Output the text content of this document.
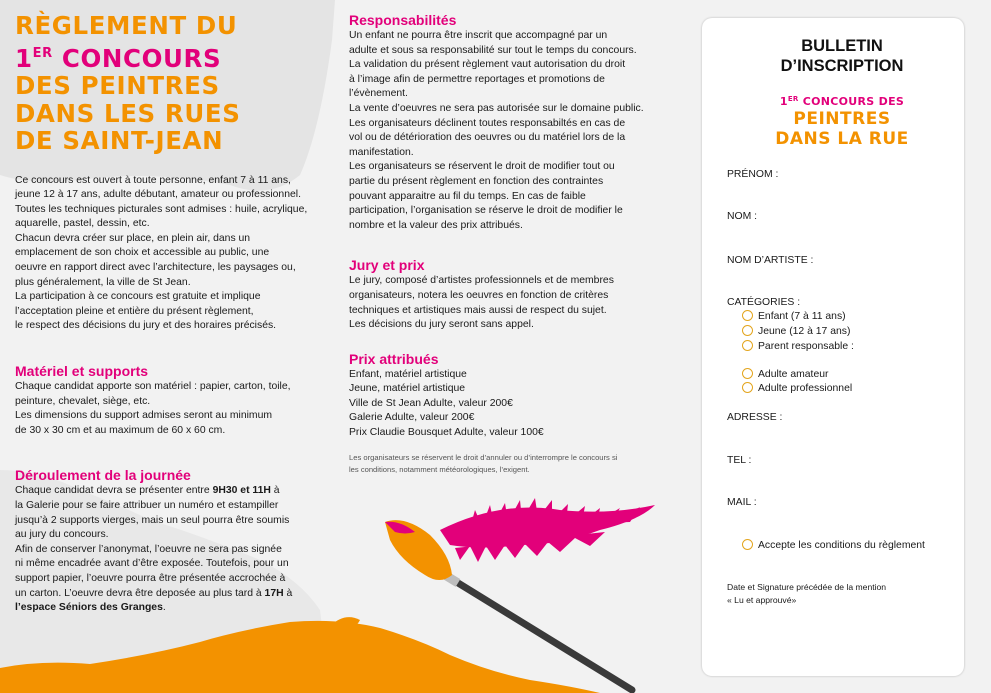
RÈGLEMENT DU
1ER CONCOURS
DES PEINTRES
DANS LES RUES
DE SAINT-JEAN

Ce concours est ouvert à toute personne, enfant 7 à 11 ans,
jeune 12 à 17 ans, adulte débutant, amateur ou professionnel.
Toutes les techniques picturales sont admises : huile, acrylique,
aquarelle, pastel, dessin, etc.
Chacun devra créer sur place, en plein air, dans un
emplacement de son choix et accessible au public, une
oeuvre en rapport direct avec l’architecture, les paysages ou,
plus généralement, la ville de St Jean.
La participation à ce concours est gratuite et implique
l’acceptation pleine et entière du présent règlement,
le respect des décisions du jury et des horaires précisés.

Matériel et supports

Chaque candidat apporte son matériel : papier, carton, toile,
peinture, chevalet, siège, etc.
Les dimensions du support admises seront au minimum
de 30 x 30 cm et au maximum de 60 x 60 cm.

Déroulement de la journée

Chaque candidat devra se présenter entre 9H30 et 11H à
la Galerie pour se faire attribuer un numéro et estampiller
jusqu’à 2 supports vierges, mais un seul pourra être soumis
au jury du concours.
Afin de conserver l’anonymat, l’oeuvre ne sera pas signée
ni même encadrée avant d’être exposée. Toutefois, pour un
support papier, l’oeuvre pourra être présentée accrochée à
un carton. L’oeuvre devra être deposée au plus tard à 17H à
l’espace Séniors des Granges.

Responsabilités

Un enfant ne pourra être inscrit que accompagné par un
adulte et sous sa responsabilité sur tout le temps du concours.
La validation du présent règlement vaut autorisation du droit
à l’image afin de permettre reportages et promotions de
l’évènement.
La vente d’oeuvres ne sera pas autorisée sur le domaine public.
Les organisateurs déclinent toutes responsabiltés en cas de
vol ou de détérioration des oeuvres ou du matériel lors de la
manifestation.
Les organisateurs se réservent le droit de modifier tout ou
partie du présent règlement en fonction des contraintes
pouvant apparaitre au fil du temps. En cas de faible
participation, l’organisation se réserve le droit de modifier le
nombre et la valeur des prix attribués.

Jury et prix

Le jury, composé d’artistes professionnels et de membres
organisateurs, notera les oeuvres en fonction de critères
techniques et artistiques mais aussi de respect du sujet.
Les décisions du jury seront sans appel.

Prix attribués

Enfant, matériel artistique
Jeune, matériel artistique
Ville de St Jean Adulte, valeur 200€
Galerie Adulte, valeur 200€
Prix Claudie Bousquet Adulte, valeur 100€

Les organisateurs se réservent le droit d’annuler ou d’interrompre le concours si
les conditions, notamment météorologiques, l’exigent.

BULLETIN
D’INSCRIPTION
1ER CONCOURS DES
PEINTRES
DANS LA RUE
PRÉNOM :
NOM :
NOM D’ARTISTE :
CATÉGORIES :
Enfant (7 à 11 ans)
Jeune (12 à 17 ans)
Parent responsable :
Adulte amateur
Adulte professionnel
ADRESSE :
TEL :
MAIL :
Accepte les conditions du règlement
Date et Signature précédée de la mention
« Lu et approuvé»
